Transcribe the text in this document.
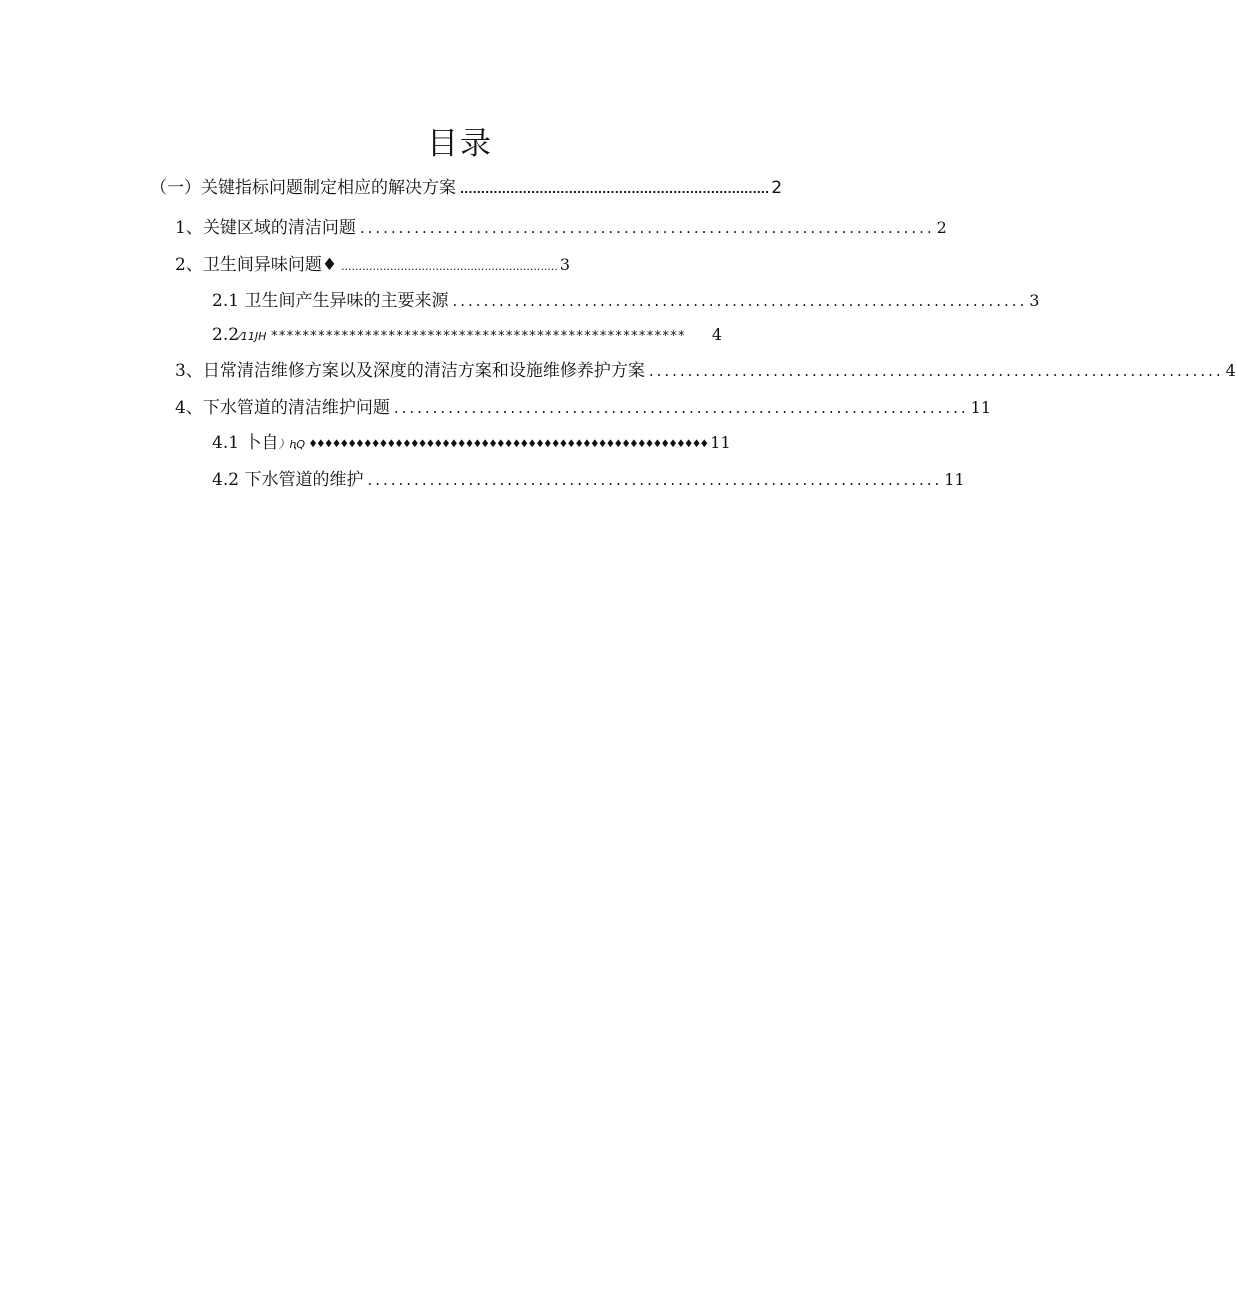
目录
（一）关键指标问题制定相应的解决方案 .......................................................................... 2
1、关键区域的清洁问题 .......................................................................... 2
2、卫生间异味问题♦ .............................................................. 3
2.1 卫生间产生异味的主要来源 .......................................................................... 3
2.2⁄11JH *****************************************************	4
3、日常清洁维修方案以及深度的清洁方案和设施维修养护方案 .......................................................................... 4
4、下水管道的清洁维护问题 .......................................................................... 11
4.1 卜自）ⱨQ ♦♦♦♦♦♦♦♦♦♦♦♦♦♦♦♦♦♦♦♦♦♦♦♦♦♦♦♦♦♦♦♦♦♦♦♦♦♦♦♦♦♦♦♦♦♦♦♦♦♦♦ 11
4.2 下水管道的维护 .......................................................................... 11
